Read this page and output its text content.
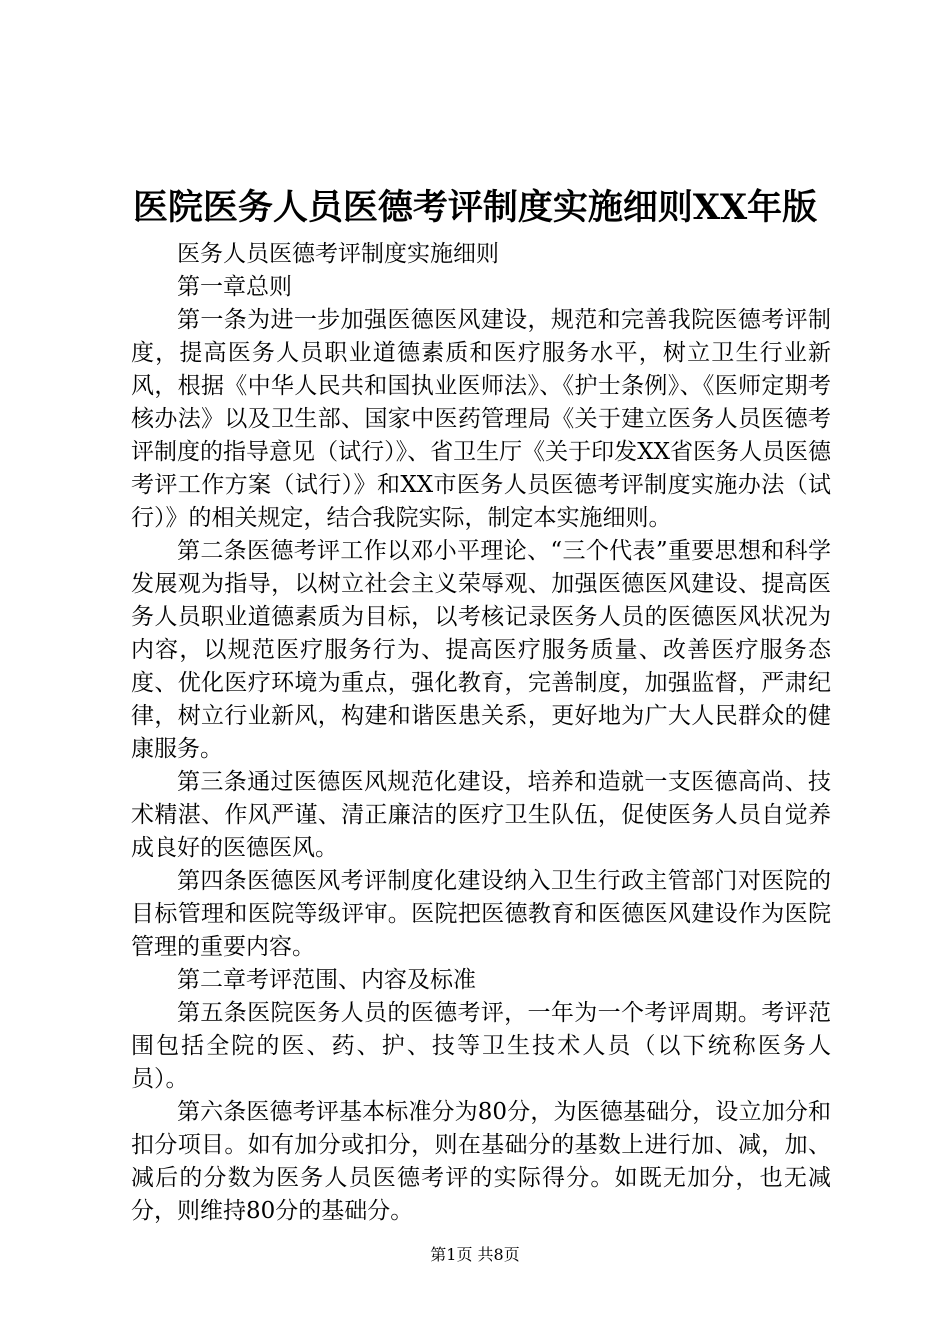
医院医务人员医德考评制度实施细则XX年版

医务人员医德考评制度实施细则

第一章总则

第一条为进一步加强医德医风建设，规范和完善我院医德考评制度，提高医务人员职业道德素质和医疗服务水平，树立卫生行业新风，根据《中华人民共和国执业医师法》、《护士条例》、《医师定期考核办法》以及卫生部、国家中医药管理局《关于建立医务人员医德考评制度的指导意见（试行）》、省卫生厅《关于印发XX省医务人员医德考评工作方案（试行）》和XX市医务人员医德考评制度实施办法（试行）》的相关规定，结合我院实际，制定本实施细则。

第二条医德考评工作以邓小平理论、“三个代表”重要思想和科学发展观为指导，以树立社会主义荣辱观、加强医德医风建设、提高医务人员职业道德素质为目标，以考核记录医务人员的医德医风状况为内容，以规范医疗服务行为、提高医疗服务质量、改善医疗服务态度、优化医疗环境为重点，强化教育，完善制度，加强监督，严肃纪律，树立行业新风，构建和谐医患关系，更好地为广大人民群众的健康服务。

第三条通过医德医风规范化建设，培养和造就一支医德高尚、技术精湛、作风严谨、清正廉洁的医疗卫生队伍，促使医务人员自觉养成良好的医德医风。

第四条医德医风考评制度化建设纳入卫生行政主管部门对医院的目标管理和医院等级评审。医院把医德教育和医德医风建设作为医院管理的重要内容。

第二章考评范围、内容及标准

第五条医院医务人员的医德考评，一年为一个考评周期。考评范围包括全院的医、药、护、技等卫生技术人员（以下统称医务人员）。

第六条医德考评基本标准分为80分，为医德基础分，设立加分和扣分项目。如有加分或扣分，则在基础分的基数上进行加、减，加、减后的分数为医务人员医德考评的实际得分。如既无加分，也无减分，则维持80分的基础分。

第1页 共8页
